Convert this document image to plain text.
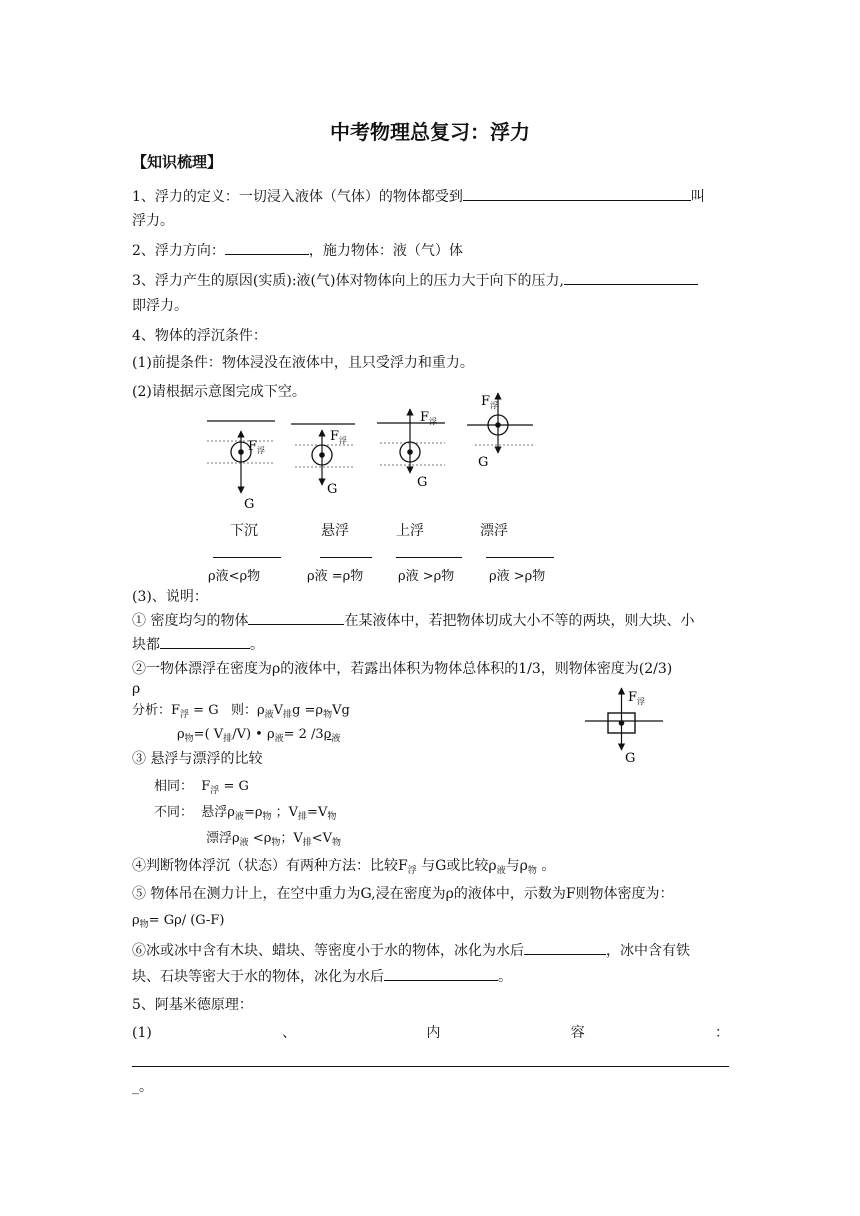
中考物理总复习：浮力
【知识梳理】
1、浮力的定义：一切浸入液体（气体）的物体都受到	叫
浮力。
2、浮力方向：	，施力物体：液（气）体
3、浮力产生的原因(实质):液(气)体对物体向上的压力大于向下的压力,
即浮力。
4、物体的浮沉条件：
(1)前提条件：物体浸没在液体中，且只受浮力和重力。
(2)请根据示意图完成下空。
$F_浮$
G
$F_浮$
G
$F_浮$
G
$F_浮$
G
下沉	悬浮	上浮	漂浮
ρ液<ρ物	ρ液 =ρ物	ρ液 >ρ物	ρ液 >ρ物
(3)、说明：
① 密度均匀的物体	在某液体中，若把物体切成大小不等的两块，则大块、小
块都	。
②一物体漂浮在密度为ρ的液体中，若露出体积为物体总体积的1/3，则物体密度为(2/3)
ρ
分析：$F_浮 = G$   则：$\rho_液V_排g =\rho_物Vg$
$\rho_物=$( $V_排/V$) • $\rho_液= 2$ $/3\rho_液$
$F_浮$
G
③ 悬浮与漂浮的比较
相同：  $F_浮 = G$
不同：  悬浮$\rho_液=\rho_物$ ；$V_排=V_物$
漂浮$\rho_液 <\rho_物$；$V_排<V_物$
④判断物体浮沉（状态）有两种方法：比较$F_浮$ 与G或比较$\rho_液$与$\rho_物$ 。
⑤ 物体吊在测力计上，在空中重力为G,浸在密度为ρ的液体中，示数为F则物体密度为：
$\rho_物= G\rho/$ (G-F)
⑥冰或冰中含有木块、蜡块、等密度小于水的物体，冰化为水后	，冰中含有铁
块、石块等密大于水的物体，冰化为水后	。
5、阿基米德原理：
(1)	、	内	容	：
_。
